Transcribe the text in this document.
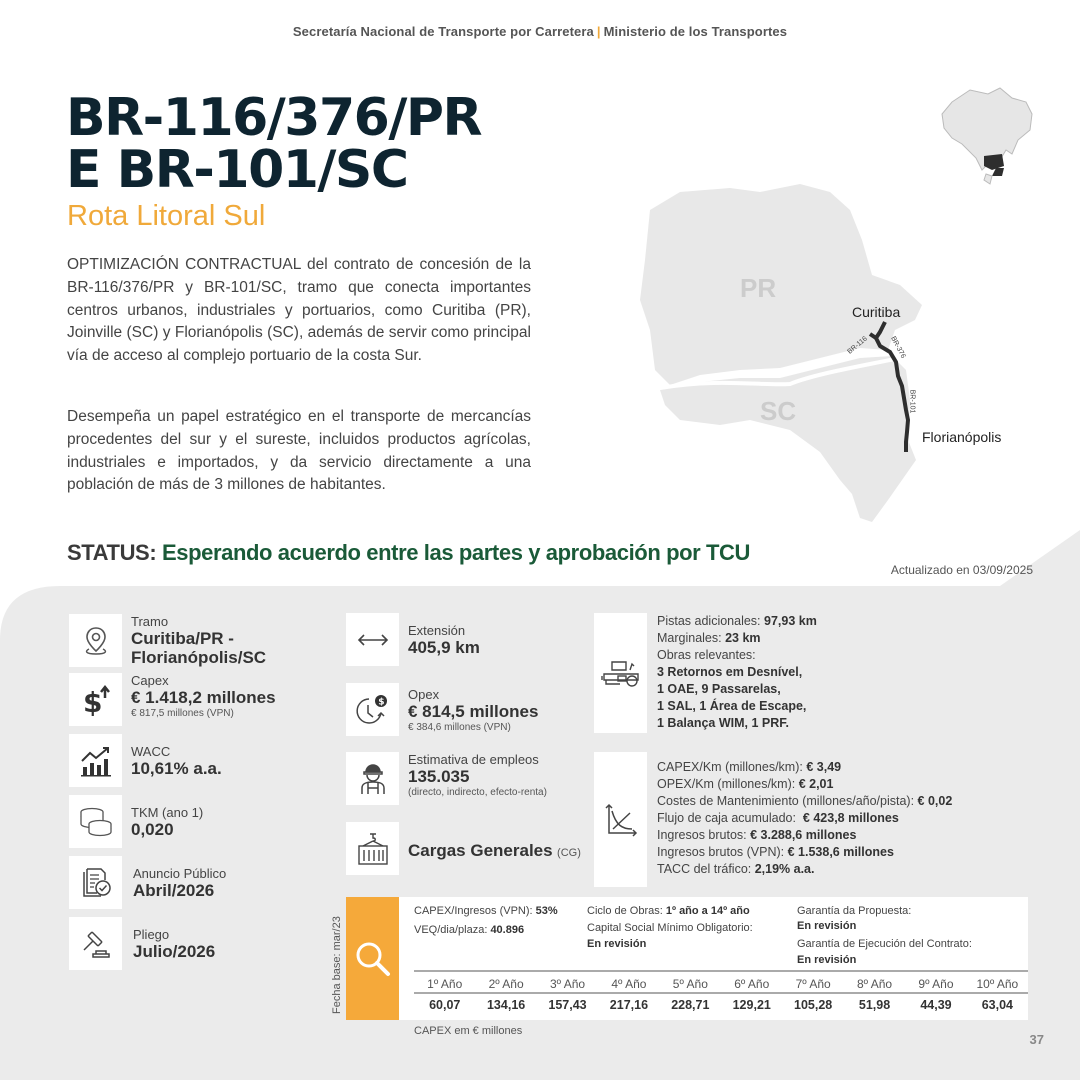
Secretaría Nacional de Transporte por Carretera | Ministerio de los Transportes
BR-116/376/PR
E BR-101/SC
Rota Litoral Sul

OPTIMIZACIÓN CONTRACTUAL del contrato de concesión de la BR-116/376/PR y BR-101/SC, tramo que conecta importantes centros urbanos, industriales y portuarios, como Curitiba (PR), Joinville (SC) y Florianópolis (SC), además de servir como principal vía de acceso al complejo portuario de la costa Sur.

Desempeña un papel estratégico en el transporte de mercancías procedentes del sur y el sureste, incluidos productos agrícolas, industriales e importados, y da servicio directamente a una población de más de 3 millones de habitantes.

PR
SC
Curitiba
Florianópolis
BR-116	BR-376
BR-101
STATUS: Esperando acuerdo entre las partes y aprobación por TCU
Actualizado en 03/09/2025
Tramo
Curitiba/PR -
Florianópolis/SC
$
Capex
€ 1.418,2 millones
€ 817,5 millones (VPN)
WACC
10,61% a.a.
TKM (ano 1)
0,020
Anuncio Público
Abril/2026
Pliego
Julio/2026
Extensión
405,9 km
$ Opex
€ 814,5 millones
€ 384,6 millones (VPN)
Estimativa de empleos
135.035
(directo, indirecto, efecto-renta)
Cargas Generales (CG)
Pistas adicionales: 97,93 km
Marginales: 23 km
Obras relevantes:
3 Retornos em Desnível,
1 OAE, 9 Passarelas,
1 SAL, 1 Área de Escape,
1 Balança WIM, 1 PRF.
CAPEX/Km (millones/km): € 3,49
OPEX/Km (millones/km): € 2,01
Costes de Mantenimiento (millones/año/pista): € 0,02
Flujo de caja acumulado:  € 423,8 millones
Ingresos brutos: € 3.288,6 millones
Ingresos brutos (VPN): € 1.538,6 millones
TACC del tráfico: 2,19% a.a.
Fecha base: mar/23
CAPEX/Ingresos (VPN): 53%
VEQ/dia/plaza: 40.896
Ciclo de Obras: 1º año a 14º año
Capital Social Mínimo Obligatorio:
En revisión
Garantía da Propuesta:
En revisión
Garantía de Ejecución del Contrato:
En revisión
1º Año	2º Año	3º Año	4º Año	5º Año	6º Año	7º Año	8º Año	9º Año	10º Año
60,07	134,16	157,43	217,16	228,71	129,21	105,28	51,98	44,39	63,04
CAPEX em € millones
37
